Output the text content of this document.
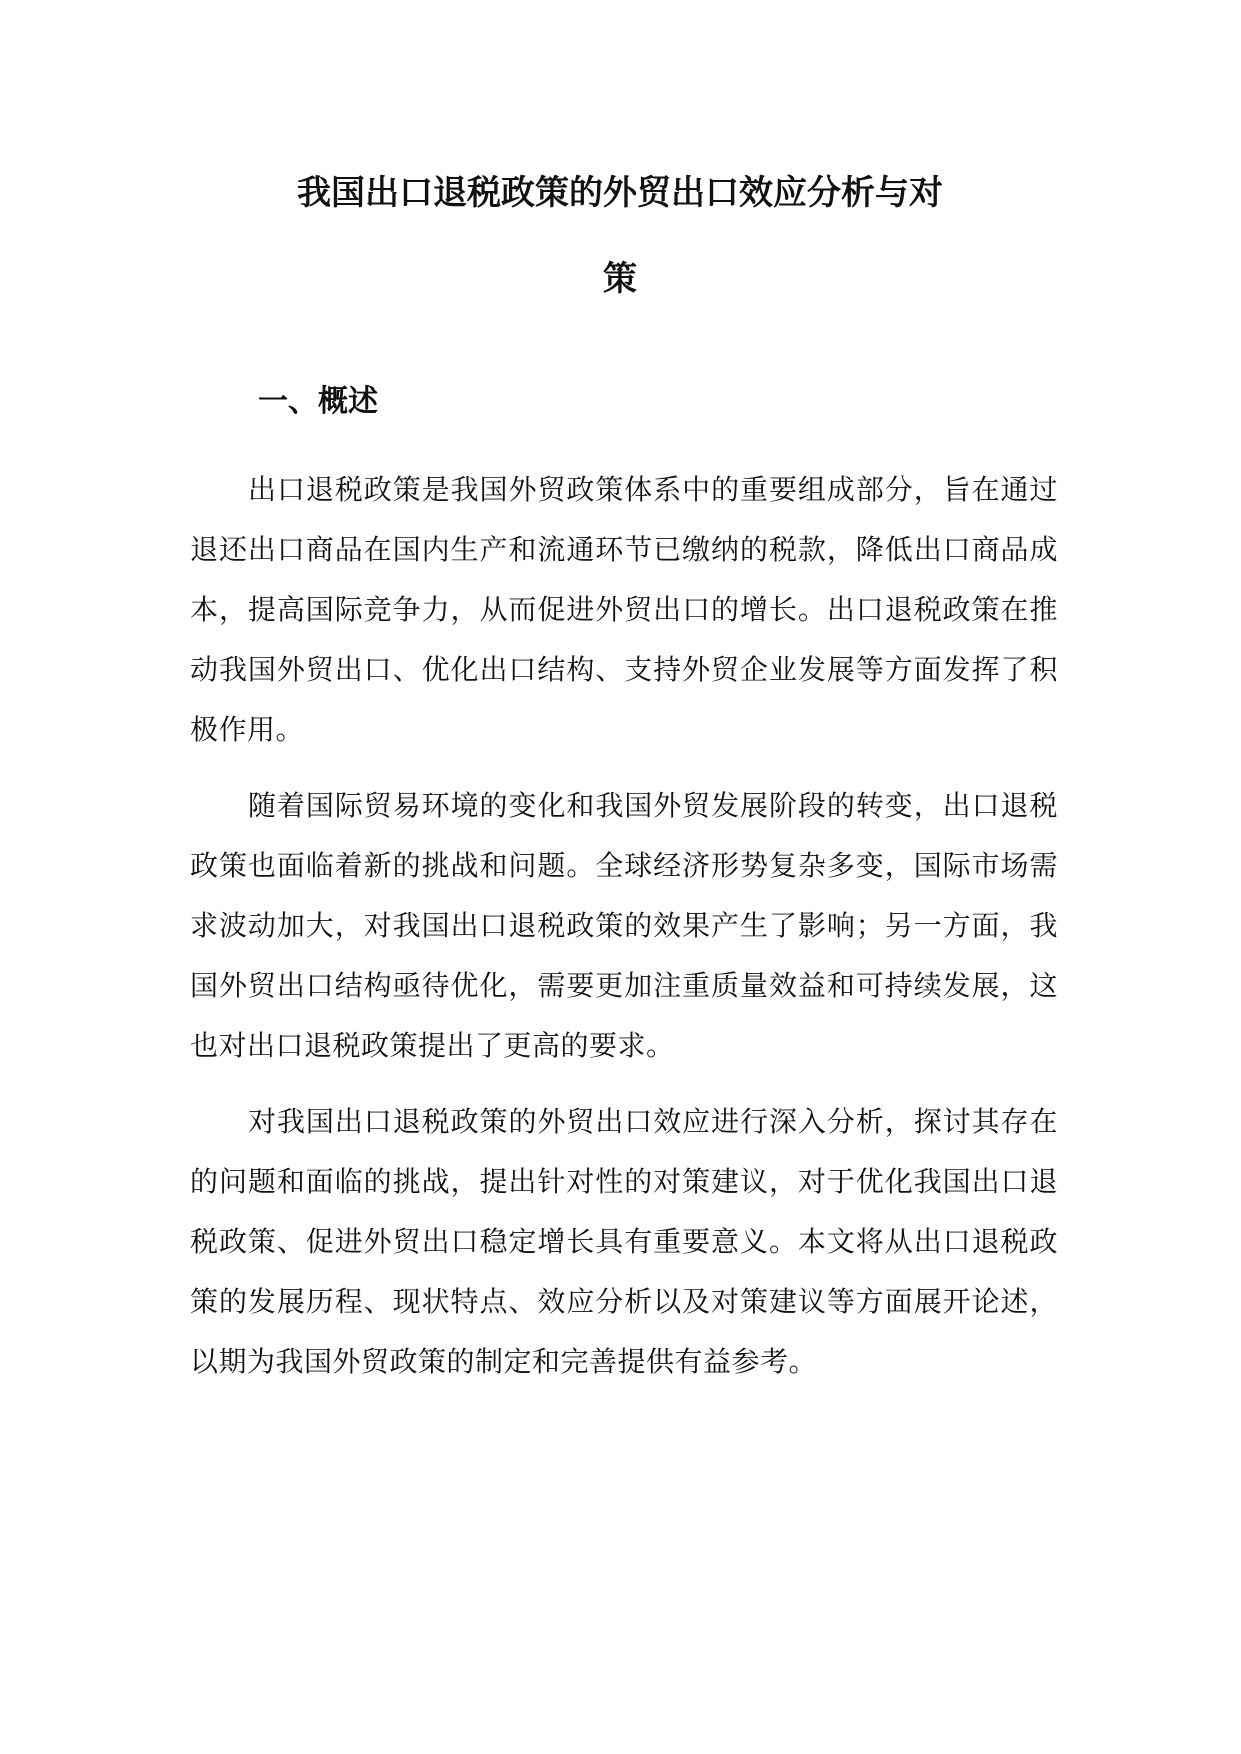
我国出口退税政策的外贸出口效应分析与对
策
一、概述

出口退税政策是我国外贸政策体系中的重要组成部分，旨在通过退还出口商品在国内生产和流通环节已缴纳的税款，降低出口商品成本，提高国际竞争力，从而促进外贸出口的增长。出口退税政策在推动我国外贸出口、优化出口结构、支持外贸企业发展等方面发挥了积极作用。

随着国际贸易环境的变化和我国外贸发展阶段的转变，出口退税政策也面临着新的挑战和问题。全球经济形势复杂多变，国际市场需求波动加大，对我国出口退税政策的效果产生了影响；另一方面，我国外贸出口结构亟待优化，需要更加注重质量效益和可持续发展，这也对出口退税政策提出了更高的要求。

对我国出口退税政策的外贸出口效应进行深入分析，探讨其存在的问题和面临的挑战，提出针对性的对策建议，对于优化我国出口退税政策、促进外贸出口稳定增长具有重要意义。本文将从出口退税政策的发展历程、现状特点、效应分析以及对策建议等方面展开论述，以期为我国外贸政策的制定和完善提供有益参考。
